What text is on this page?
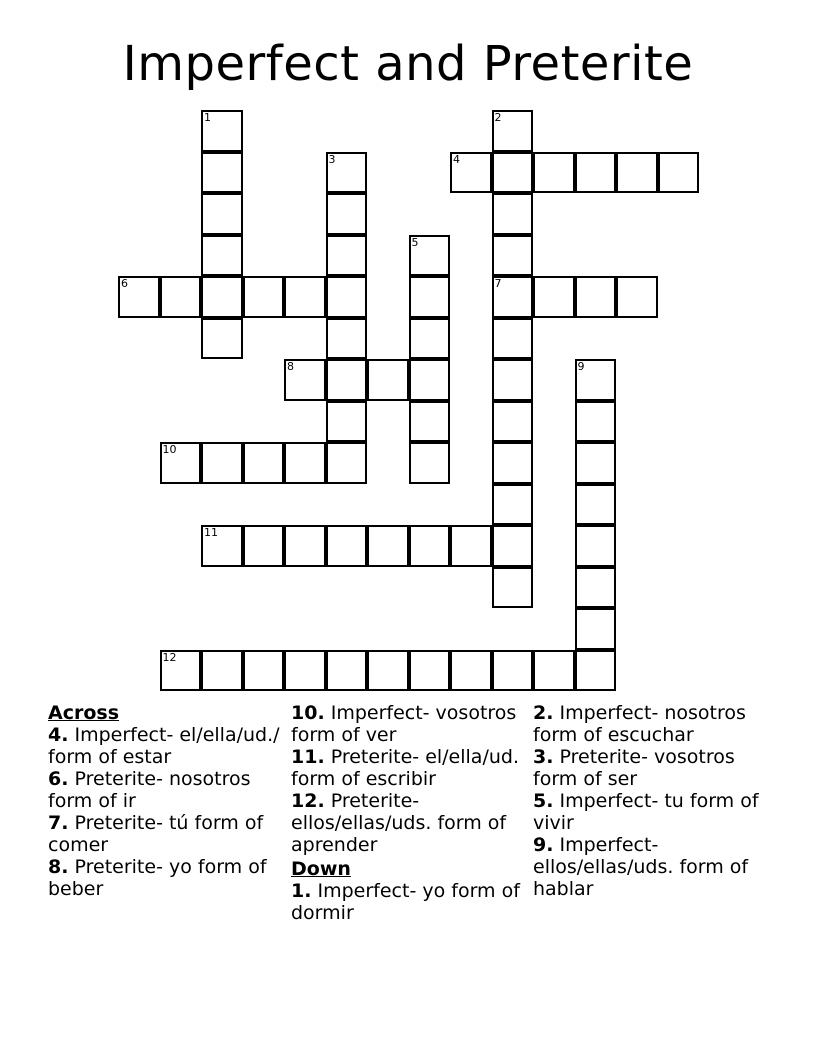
Imperfect and Preterite
1	2
7
3	4
5
6
8	9
10
11
12
Across
4. Imperfect- el/ella/ud./ form of estar
6. Preterite- nosotros form of ir
7. Preterite- tú form of comer
8. Preterite- yo form of beber
10. Imperfect- vosotros form of ver
11. Preterite- el/ella/ud. form of escribir
12. Preterite- ellos/ellas/uds. form of aprender
Down
1. Imperfect- yo form of dormir
2. Imperfect- nosotros form of escuchar
3. Preterite- vosotros form of ser
5. Imperfect- tu form of vivir
9. Imperfect- ellos/ellas/uds. form of hablar
